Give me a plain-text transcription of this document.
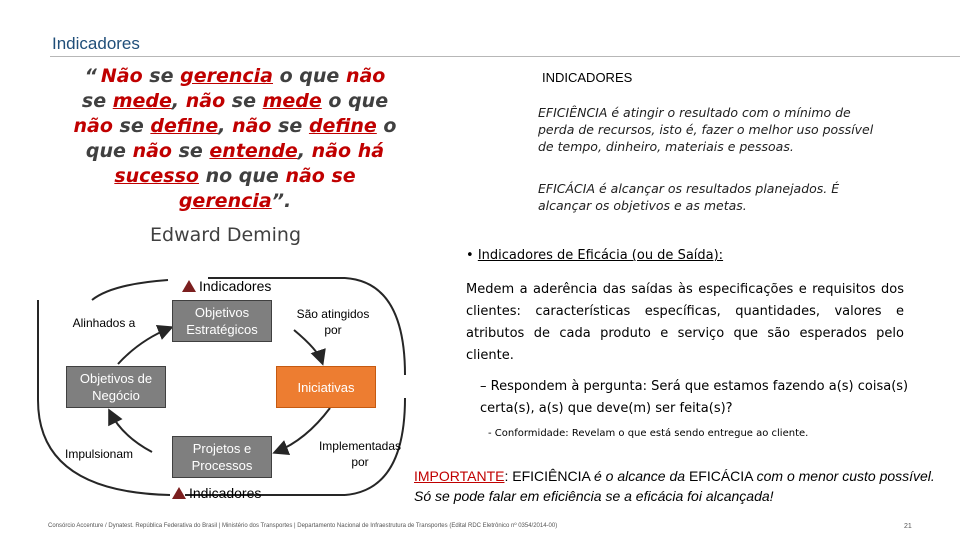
Indicadores
“ Não se gerencia o que não se mede, não se mede o que não se define, não se define o que não se entende, não há sucesso no que não se gerencia”.
Edward Deming
INDICADORES
EFICIÊNCIA é atingir o resultado com o mínimo de perda de recursos, isto é, fazer o melhor uso possível de tempo, dinheiro, materiais e pessoas.
EFICÁCIA é alcançar os resultados planejados. É alcançar os objetivos e as metas.
• Indicadores de Eficácia (ou de Saída):
Medem a aderência das saídas às especificações e requisitos dos clientes: características específicas, quantidades, valores e atributos de cada produto e serviço que são esperados pelo cliente.
– Respondem à pergunta: Será que estamos fazendo a(s) coisa(s) certa(s), a(s) que deve(m) ser feita(s)?
- Conformidade: Revelam o que está sendo entregue ao cliente.
IMPORTANTE: EFICIÊNCIA é o alcance da EFICÁCIA com o menor custo possível. Só se pode falar em eficiência se a eficácia foi alcançada!
Indicadores
Indicadores
Objetivos Estratégicos
Objetivos de Negócio
Iniciativas
Projetos e Processos
Alinhados a
São atingidos por
Impulsionam
Implementadas por
Consórcio Accenture / Dynatest. República Federativa do Brasil | Ministério dos Transportes | Departamento Nacional de Infraestrutura de Transportes (Edital RDC Eletrônico nº 0354/2014-00)	21
